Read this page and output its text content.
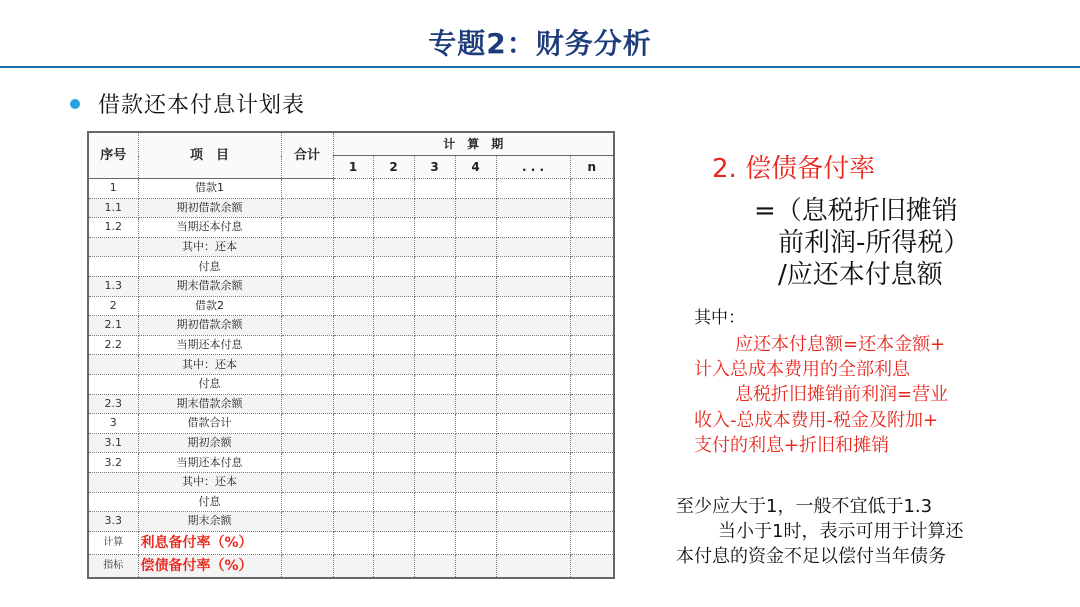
专题2：财务分析
借款还本付息计划表
序号	项　目	合计	计　算　期					
			1	2	3	4	. . .	n
1	借款1							
1.1	期初借款余额							
1.2	当期还本付息							
	其中：还本							
	付息							
1.3	期末借款余额							
2	借款2							
2.1	期初借款余额							
2.2	当期还本付息							
	其中：还本							
	付息							
2.3	期末借款余额							
3	借款合计							
3.1	期初余额							
3.2	当期还本付息							
	其中：还本							
	付息							
3.3	期末余额							
计算	利息备付率（%）							
指标	偿债备付率（%）							
2. 偿债备付率
=（息税折旧摊销
前利润-所得税）
/应还本付息额
其中：
应还本付息额=还本金额+
计入总成本费用的全部利息
息税折旧摊销前利润=营业
收入-总成本费用-税金及附加+
支付的利息+折旧和摊销
至少应大于1，一般不宜低于1.3
当小于1时，表示可用于计算还
本付息的资金不足以偿付当年债务
